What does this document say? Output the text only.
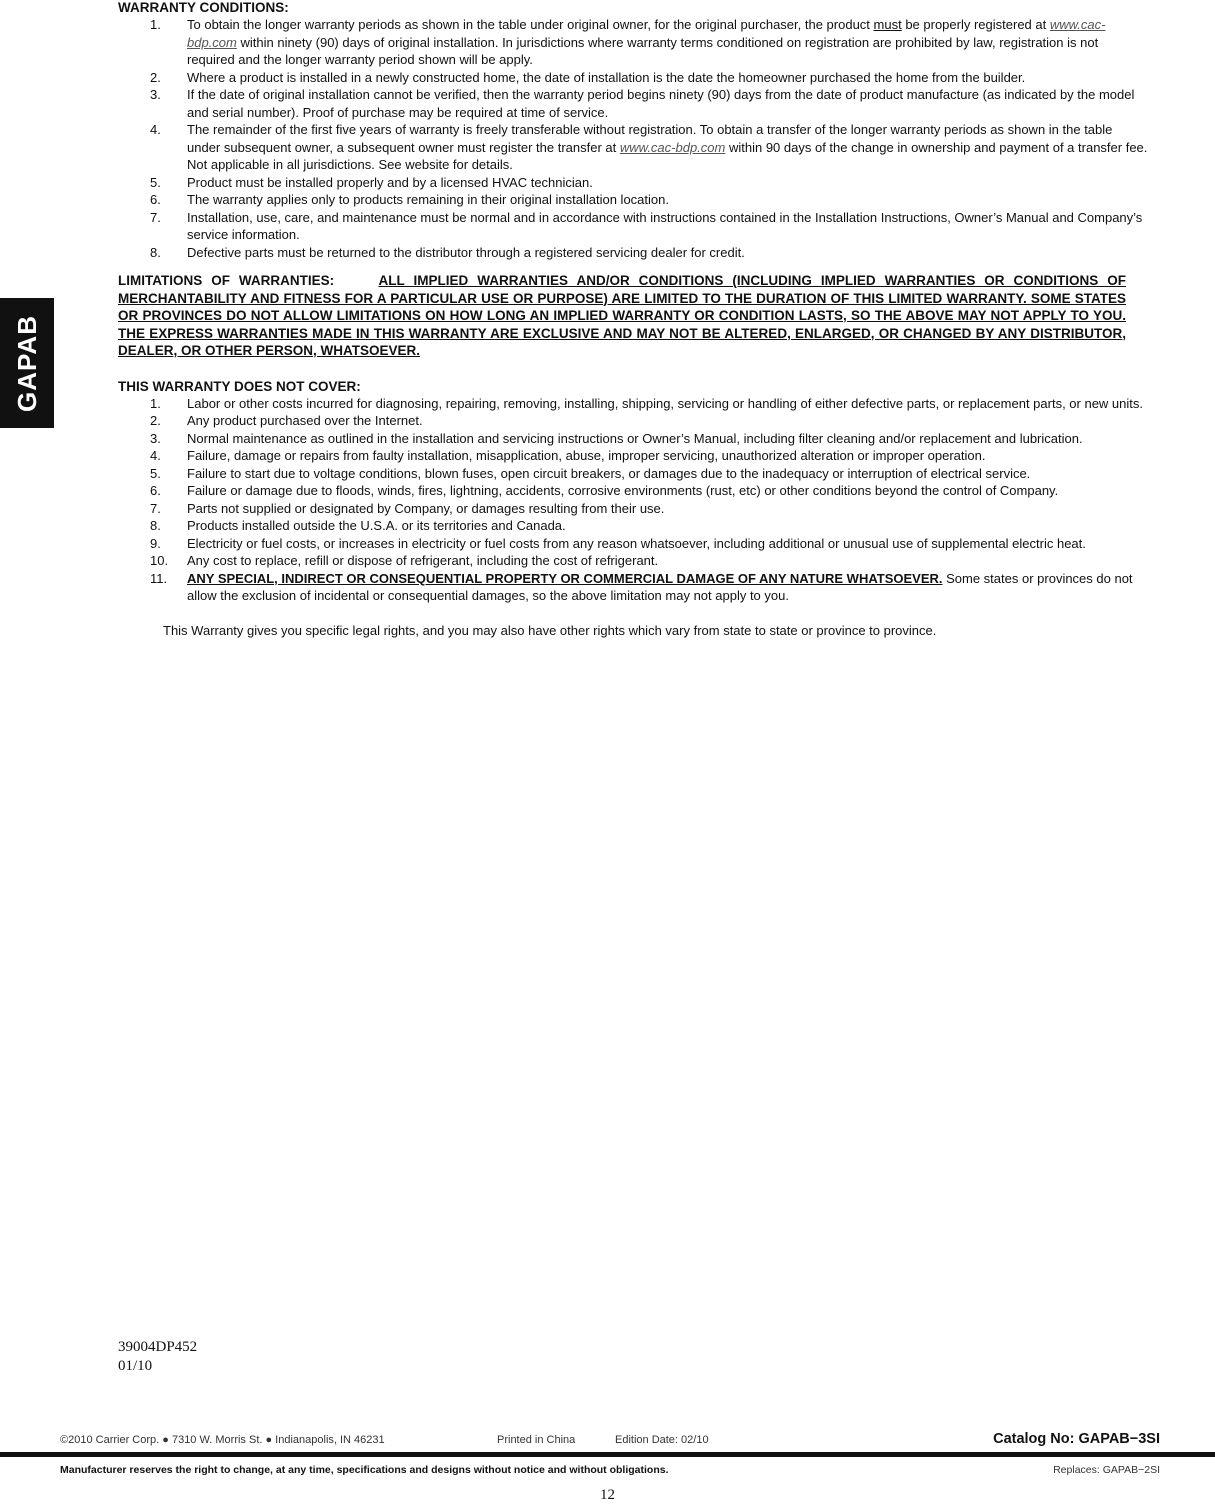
GAPAB

WARRANTY CONDITIONS:

1.	To obtain the longer warranty periods as shown in the table under original owner, for the original purchaser, the product must be properly registered at www.cac-bdp.com within ninety (90) days of original installation. In jurisdictions where warranty terms conditioned on registration are prohibited by law, registration is not required and the longer warranty period shown will be apply.
2.	Where a product is installed in a newly constructed home, the date of installation is the date the homeowner purchased the home from the builder.
3.	If the date of original installation cannot be verified, then the warranty period begins ninety (90) days from the date of product manufacture (as indicated by the model and serial number). Proof of purchase may be required at time of service.
4.	The remainder of the first five years of warranty is freely transferable without registration. To obtain a transfer of the longer warranty periods as shown in the table under subsequent owner, a subsequent owner must register the transfer at www.cac-bdp.com within 90 days of the change in ownership and payment of a transfer fee. Not applicable in all jurisdictions. See website for details.
5.	Product must be installed properly and by a licensed HVAC technician.
6.	The warranty applies only to products remaining in their original installation location.
7.	Installation, use, care, and maintenance must be normal and in accordance with instructions contained in the Installation Instructions, Owner’s Manual and Company’s service information.
8.	Defective parts must be returned to the distributor through a registered servicing dealer for credit.

LIMITATIONS OF WARRANTIES:	ALL IMPLIED WARRANTIES AND/OR CONDITIONS (INCLUDING IMPLIED WARRANTIES OR CONDITIONS OF MERCHANTABILITY AND FITNESS FOR A PARTICULAR USE OR PURPOSE) ARE LIMITED TO THE DURATION OF THIS LIMITED WARRANTY. SOME STATES OR PROVINCES DO NOT ALLOW LIMITATIONS ON HOW LONG AN IMPLIED WARRANTY OR CONDITION LASTS, SO THE ABOVE MAY NOT APPLY TO YOU. THE EXPRESS WARRANTIES MADE IN THIS WARRANTY ARE EXCLUSIVE AND MAY NOT BE ALTERED, ENLARGED, OR CHANGED BY ANY DISTRIBUTOR, DEALER, OR OTHER PERSON, WHATSOEVER.

THIS WARRANTY DOES NOT COVER:

1.	Labor or other costs incurred for diagnosing, repairing, removing, installing, shipping, servicing or handling of either defective parts, or replacement parts, or new units.
2.	Any product purchased over the Internet.
3.	Normal maintenance as outlined in the installation and servicing instructions or Owner’s Manual, including filter cleaning and/or replacement and lubrication.
4.	Failure, damage or repairs from faulty installation, misapplication, abuse, improper servicing, unauthorized alteration or improper operation.
5.	Failure to start due to voltage conditions, blown fuses, open circuit breakers, or damages due to the inadequacy or interruption of electrical service.
6.	Failure or damage due to floods, winds, fires, lightning, accidents, corrosive environments (rust, etc) or other conditions beyond the control of Company.
7.	Parts not supplied or designated by Company, or damages resulting from their use.
8.	Products installed outside the U.S.A. or its territories and Canada.
9.	Electricity or fuel costs, or increases in electricity or fuel costs from any reason whatsoever, including additional or unusual use of supplemental electric heat.
10.	Any cost to replace, refill or dispose of refrigerant, including the cost of refrigerant.
11.	ANY SPECIAL, INDIRECT OR CONSEQUENTIAL PROPERTY OR COMMERCIAL DAMAGE OF ANY NATURE WHATSOEVER. Some states or provinces do not allow the exclusion of incidental or consequential damages, so the above limitation may not apply to you.

This Warranty gives you specific legal rights, and you may also have other rights which vary from state to state or province to province.

39004DP452
01/10
©2010 Carrier Corp. ● 7310 W. Morris St. ● Indianapolis, IN 46231	Printed in China	Edition Date: 02/10	Catalog No: GAPAB−3SI
Manufacturer reserves the right to change, at any time, specifications and designs without notice and without obligations.	Replaces: GAPAB−2SI
12
